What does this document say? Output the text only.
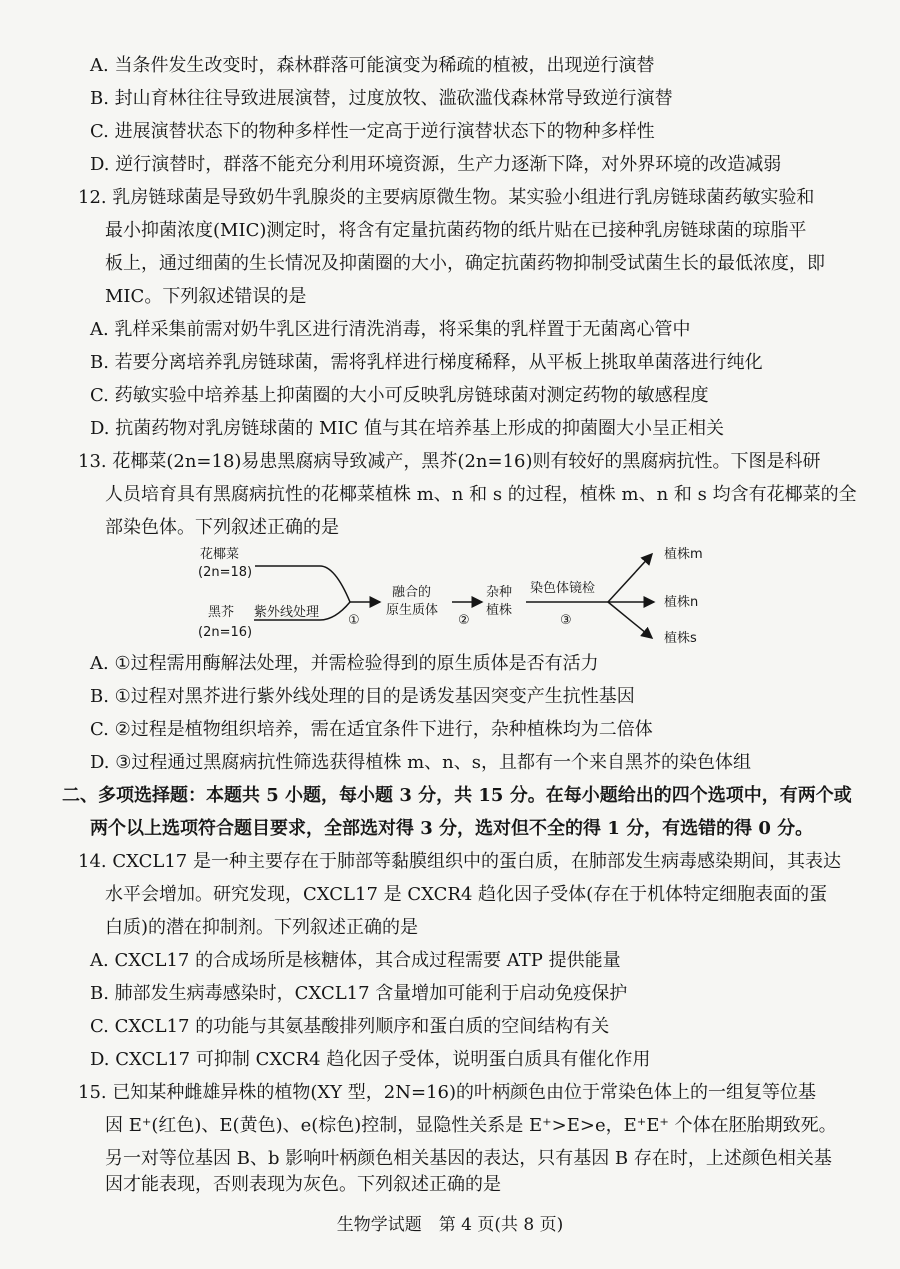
A. 当条件发生改变时，森林群落可能演变为稀疏的植被，出现逆行演替
B. 封山育林往往导致进展演替，过度放牧、滥砍滥伐森林常导致逆行演替
C. 进展演替状态下的物种多样性一定高于逆行演替状态下的物种多样性
D. 逆行演替时，群落不能充分利用环境资源，生产力逐渐下降，对外界环境的改造减弱
12. 乳房链球菌是导致奶牛乳腺炎的主要病原微生物。某实验小组进行乳房链球菌药敏实验和
最小抑菌浓度(MIC)测定时，将含有定量抗菌药物的纸片贴在已接种乳房链球菌的琼脂平
板上，通过细菌的生长情况及抑菌圈的大小，确定抗菌药物抑制受试菌生长的最低浓度，即
MIC。下列叙述错误的是
A. 乳样采集前需对奶牛乳区进行清洗消毒，将采集的乳样置于无菌离心管中
B. 若要分离培养乳房链球菌，需将乳样进行梯度稀释，从平板上挑取单菌落进行纯化
C. 药敏实验中培养基上抑菌圈的大小可反映乳房链球菌对测定药物的敏感程度
D. 抗菌药物对乳房链球菌的 MIC 值与其在培养基上形成的抑菌圈大小呈正相关
13. 花椰菜(2n=18)易患黑腐病导致减产，黑芥(2n=16)则有较好的黑腐病抗性。下图是科研
人员培育具有黑腐病抗性的花椰菜植株 m、n 和 s 的过程，植株 m、n 和 s 均含有花椰菜的全
部染色体。下列叙述正确的是
花椰菜
(2n=18)
黑芥
(2n=16)
紫外线处理
①
融合的
原生质体
②
杂种
植株
染色体镜检
③
植株m
植株n
植株s
A. ①过程需用酶解法处理，并需检验得到的原生质体是否有活力
B. ①过程对黑芥进行紫外线处理的目的是诱发基因突变产生抗性基因
C. ②过程是植物组织培养，需在适宜条件下进行，杂种植株均为二倍体
D. ③过程通过黑腐病抗性筛选获得植株 m、n、s，且都有一个来自黑芥的染色体组
二、多项选择题：本题共 5 小题，每小题 3 分，共 15 分。在每小题给出的四个选项中，有两个或
两个以上选项符合题目要求，全部选对得 3 分，选对但不全的得 1 分，有选错的得 0 分。
14. CXCL17 是一种主要存在于肺部等黏膜组织中的蛋白质，在肺部发生病毒感染期间，其表达
水平会增加。研究发现，CXCL17 是 CXCR4 趋化因子受体(存在于机体特定细胞表面的蛋
白质)的潜在抑制剂。下列叙述正确的是
A. CXCL17 的合成场所是核糖体，其合成过程需要 ATP 提供能量
B. 肺部发生病毒感染时，CXCL17 含量增加可能利于启动免疫保护
C. CXCL17 的功能与其氨基酸排列顺序和蛋白质的空间结构有关
D. CXCL17 可抑制 CXCR4 趋化因子受体，说明蛋白质具有催化作用
15. 已知某种雌雄异株的植物(XY 型，2N=16)的叶柄颜色由位于常染色体上的一组复等位基
因 E⁺(红色)、E(黄色)、e(棕色)控制，显隐性关系是 E⁺>E>e，E⁺E⁺ 个体在胚胎期致死。
另一对等位基因 B、b 影响叶柄颜色相关基因的表达，只有基因 B 存在时，上述颜色相关基
因才能表现，否则表现为灰色。下列叙述正确的是
生物学试题　第 4 页(共 8 页)
